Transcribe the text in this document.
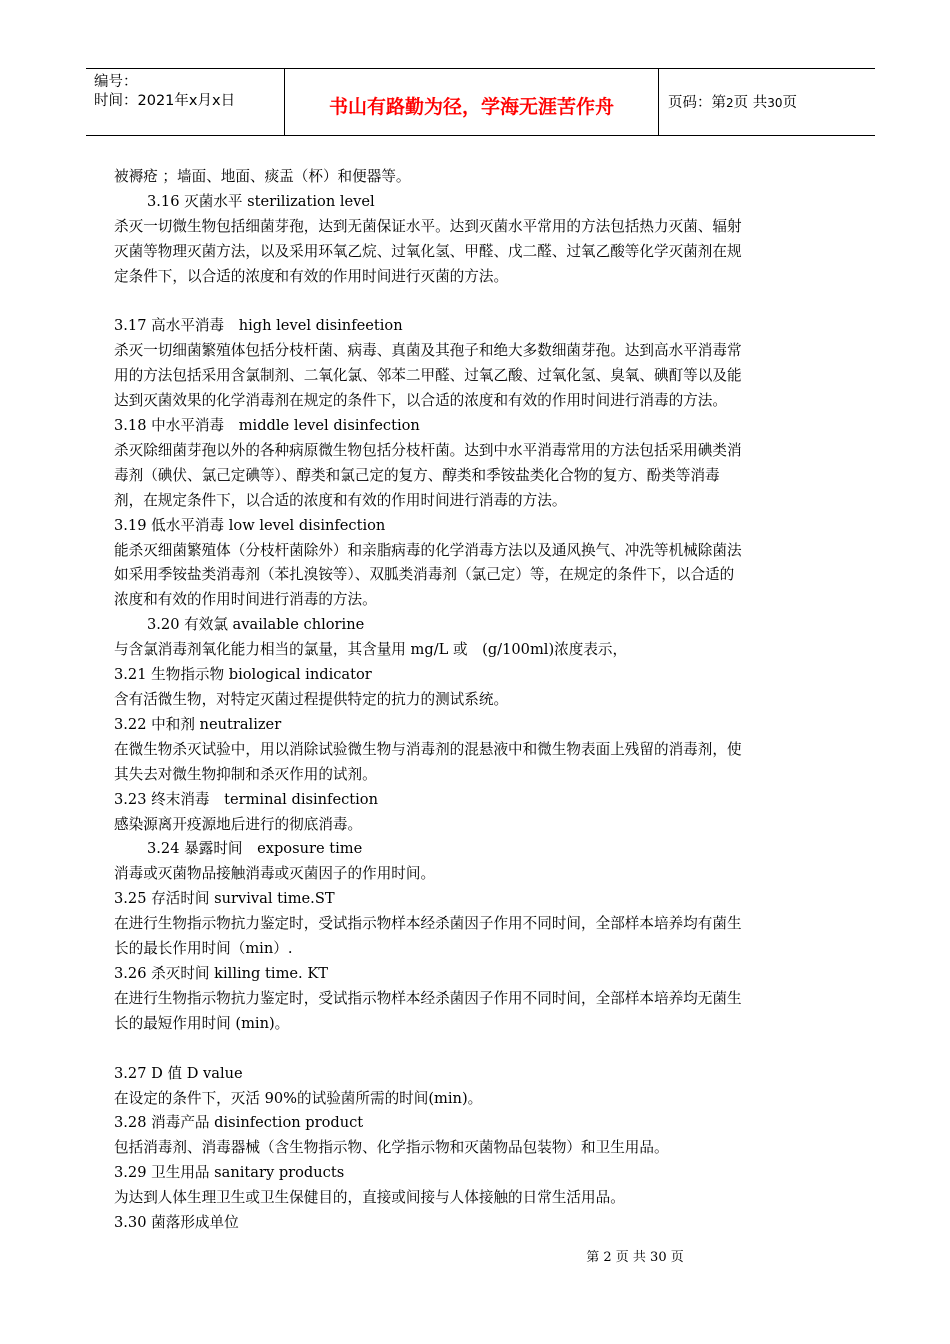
编号：
时间：2021年x月x日	书山有路勤为径，学海无涯苦作舟	页码：第2页 共30页

被褥疮 ；墙面、地面、痰盂（杯）和便器等。

3.16 灭菌水平 sterilization level

杀灭一切微生物包括细菌芽孢，达到无菌保证水平。达到灭菌水平常用的方法包括热力灭菌、辐射

灭菌等物理灭菌方法，以及采用环氧乙烷、过氧化氢、甲醛、戊二醛、过氧乙酸等化学灭菌剂在规

定条件下，以合适的浓度和有效的作用时间进行灭菌的方法。

3.17 高水平消毒　high level disinfeetion

杀灭一切细菌繁殖体包括分枝杆菌、病毒、真菌及其孢子和绝大多数细菌芽孢。达到高水平消毒常

用的方法包括采用含氯制剂、二氧化氯、邻苯二甲醛、过氧乙酸、过氧化氢、臭氧、碘酊等以及能

达到灭菌效果的化学消毒剂在规定的条件下，以合适的浓度和有效的作用时间进行消毒的方法。

3.18 中水平消毒　middle level disinfection

杀灭除细菌芽孢以外的各种病原微生物包括分枝杆菌。达到中水平消毒常用的方法包括采用碘类消

毒剂（碘伏、氯己定碘等）、醇类和氯己定的复方、醇类和季铵盐类化合物的复方、酚类等消毒

剂，在规定条件下，以合适的浓度和有效的作用时间进行消毒的方法。

3.19 低水平消毒 low level disinfection

能杀灭细菌繁殖体（分枝杆菌除外）和亲脂病毒的化学消毒方法以及通风换气、冲洗等机械除菌法

如采用季铵盐类消毒剂（苯扎溴铵等）、双胍类消毒剂（氯己定）等，在规定的条件下，以合适的

浓度和有效的作用时间进行消毒的方法。

3.20 有效氯 available chlorine

与含氯消毒剂氧化能力相当的氯量，其含量用 mg/L 或　(g/100ml)浓度表示，

3.21 生物指示物 biological indicator

含有活微生物，对特定灭菌过程提供特定的抗力的测试系统。

3.22 中和剂 neutralizer

在微生物杀灭试验中，用以消除试验微生物与消毒剂的混悬液中和微生物表面上残留的消毒剂，使

其失去对微生物抑制和杀灭作用的试剂。

3.23 终末消毒　terminal disinfection

感染源离开疫源地后进行的彻底消毒。

3.24 暴露时间　exposure time

消毒或灭菌物品接触消毒或灭菌因子的作用时间。

3.25 存活时间 survival time.ST

在进行生物指示物抗力鉴定时，受试指示物样本经杀菌因子作用不同时间，全部样本培养均有菌生

长的最长作用时间（min）.

3.26 杀灭时间 killing time. KT

在进行生物指示物抗力鉴定时，受试指示物样本经杀菌因子作用不同时间，全部样本培养均无菌生

长的最短作用时间 (min)。

3.27 D 值 D value

在设定的条件下，灭活 90%的试验菌所需的时间(min)。

3.28 消毒产品 disinfection product

包括消毒剂、消毒器械（含生物指示物、化学指示物和灭菌物品包装物）和卫生用品。

3.29 卫生用品 sanitary products

为达到人体生理卫生或卫生保健目的，直接或间接与人体接触的日常生活用品。

3.30 菌落形成单位

第 2 页 共 30 页
